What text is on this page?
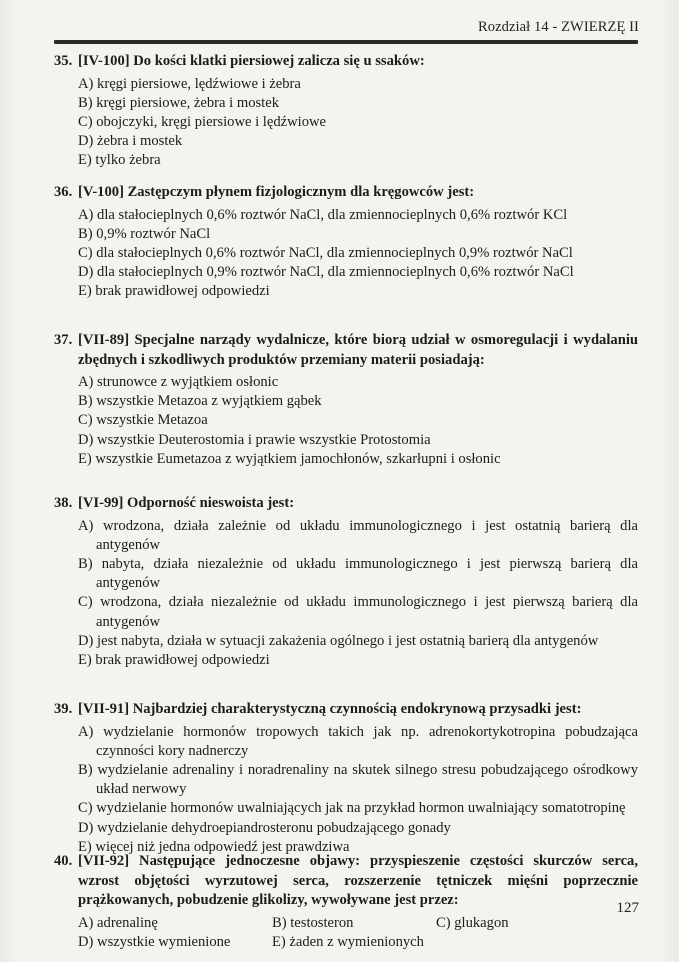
Rozdział 14 - ZWIERZĘ II
35. [IV-100] Do kości klatki piersiowej zalicza się u ssaków:
A) kręgi piersiowe, lędźwiowe i żebra
B) kręgi piersiowe, żebra i mostek
C) obojczyki, kręgi piersiowe i lędźwiowe
D) żebra i mostek
E) tylko żebra
36. [V-100] Zastępczym płynem fizjologicznym dla kręgowców jest:
A) dla stałocieplnych 0,6% roztwór NaCl, dla zmiennocieplnych 0,6% roztwór KCl
B) 0,9% roztwór NaCl
C) dla stałocieplnych 0,6% roztwór NaCl, dla zmiennocieplnych 0,9% roztwór NaCl
D) dla stałocieplnych 0,9% roztwór NaCl, dla zmiennocieplnych 0,6% roztwór NaCl
E) brak prawidłowej odpowiedzi
37. [VII-89] Specjalne narządy wydalnicze, które biorą udział w osmoregulacji i wydalaniu zbędnych i szkodliwych produktów przemiany materii posiadają:
A) strunowce z wyjątkiem osłonic
B) wszystkie Metazoa z wyjątkiem gąbek
C) wszystkie Metazoa
D) wszystkie Deuterostomia i prawie wszystkie Protostomia
E) wszystkie Eumetazoa z wyjątkiem jamochłonów, szkarłupni i osłonic
38. [VI-99] Odporność nieswoista jest:
A) wrodzona, działa zależnie od układu immunologicznego i jest ostatnią barierą dla antygenów
B) nabyta, działa niezależnie od układu immunologicznego i jest pierwszą barierą dla antygenów
C) wrodzona, działa niezależnie od układu immunologicznego i jest pierwszą barierą dla antygenów
D) jest nabyta, działa w sytuacji zakażenia ogólnego i jest ostatnią barierą dla antygenów
E) brak prawidłowej odpowiedzi
39. [VII-91] Najbardziej charakterystyczną czynnością endokrynową przysadki jest:
A) wydzielanie hormonów tropowych takich jak np. adrenokortykotropina pobudzająca czynności kory nadnerczy
B) wydzielanie adrenaliny i noradrenaliny na skutek silnego stresu pobudzającego ośrodkowy układ nerwowy
C) wydzielanie hormonów uwalniających jak na przykład hormon uwalniający somatotropinę
D) wydzielanie dehydroepiandrosteronu pobudzającego gonady
E) więcej niż jedna odpowiedź jest prawdziwa
40. [VII-92] Następujące jednoczesne objawy: przyspieszenie częstości skurczów serca, wzrost objętości wyrzutowej serca, rozszerzenie tętniczek mięśni poprzecznie prążkowanych, pobudzenie glikolizy, wywoływane jest przez:
A) adrenalinę	B) testosteron	C) glukagon
D) wszystkie wymienione	E) żaden z wymienionych
127
